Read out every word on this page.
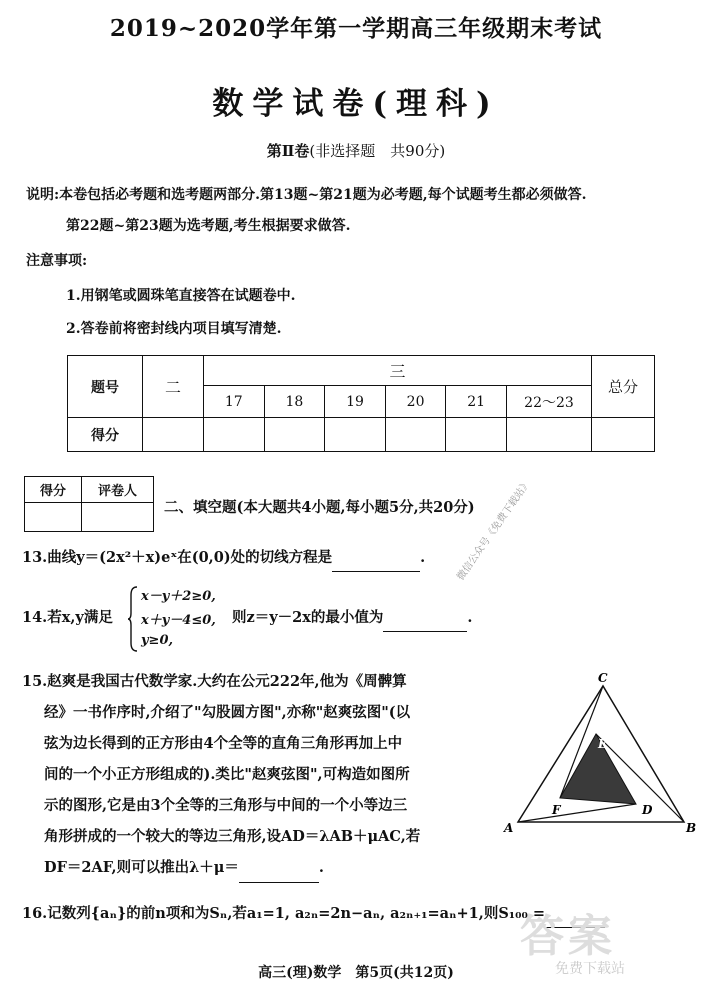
2019~2020学年第一学期高三年级期末考试
数学试卷(理科)
第Ⅱ卷(非选择题　共90分)
说明:本卷包括必考题和选考题两部分.第13题~第21题为必考题,每个试题考生都必须做答.
第22题~第23题为选考题,考生根据要求做答.
注意事项:
1.用钢笔或圆珠笔直接答在试题卷中.
2.答卷前将密封线内项目填写清楚.
题号	二	三						总分
		17	18	19	20	21	22～23	
得分								
得分	评卷人

二、填空题(本大题共4小题,每小题5分,共20分)
13.曲线y＝(2x²＋x)eˣ在(0,0)处的切线方程是	.
14.若x,y满足
x－y＋2≥0,
x＋y－4≤0,
y≥0,
则z＝y－2x的最小值为	.
微信公众号《免费下载站》
15.赵爽是我国古代数学家.大约在公元222年,他为《周髀算
经》一书作序时,介绍了"勾股圆方图",亦称"赵爽弦图"(以
弦为边长得到的正方形由4个全等的直角三角形再加上中
间的一个小正方形组成的).类比"赵爽弦图",可构造如图所
示的图形,它是由3个全等的三角形与中间的一个小等边三
角形拼成的一个较大的等边三角形,设AD＝λAB＋μAC,若
DF＝2AF,则可以推出λ＋μ＝	.
A	B
C
D
E
F
16.记数列{aₙ}的前n项和为Sₙ,若a₁=1, a₂ₙ=2n−aₙ, a₂ₙ₊₁=aₙ+1,则S₁₀₀ =
答案
免费下载站
高三(理)数学　第5页(共12页)
